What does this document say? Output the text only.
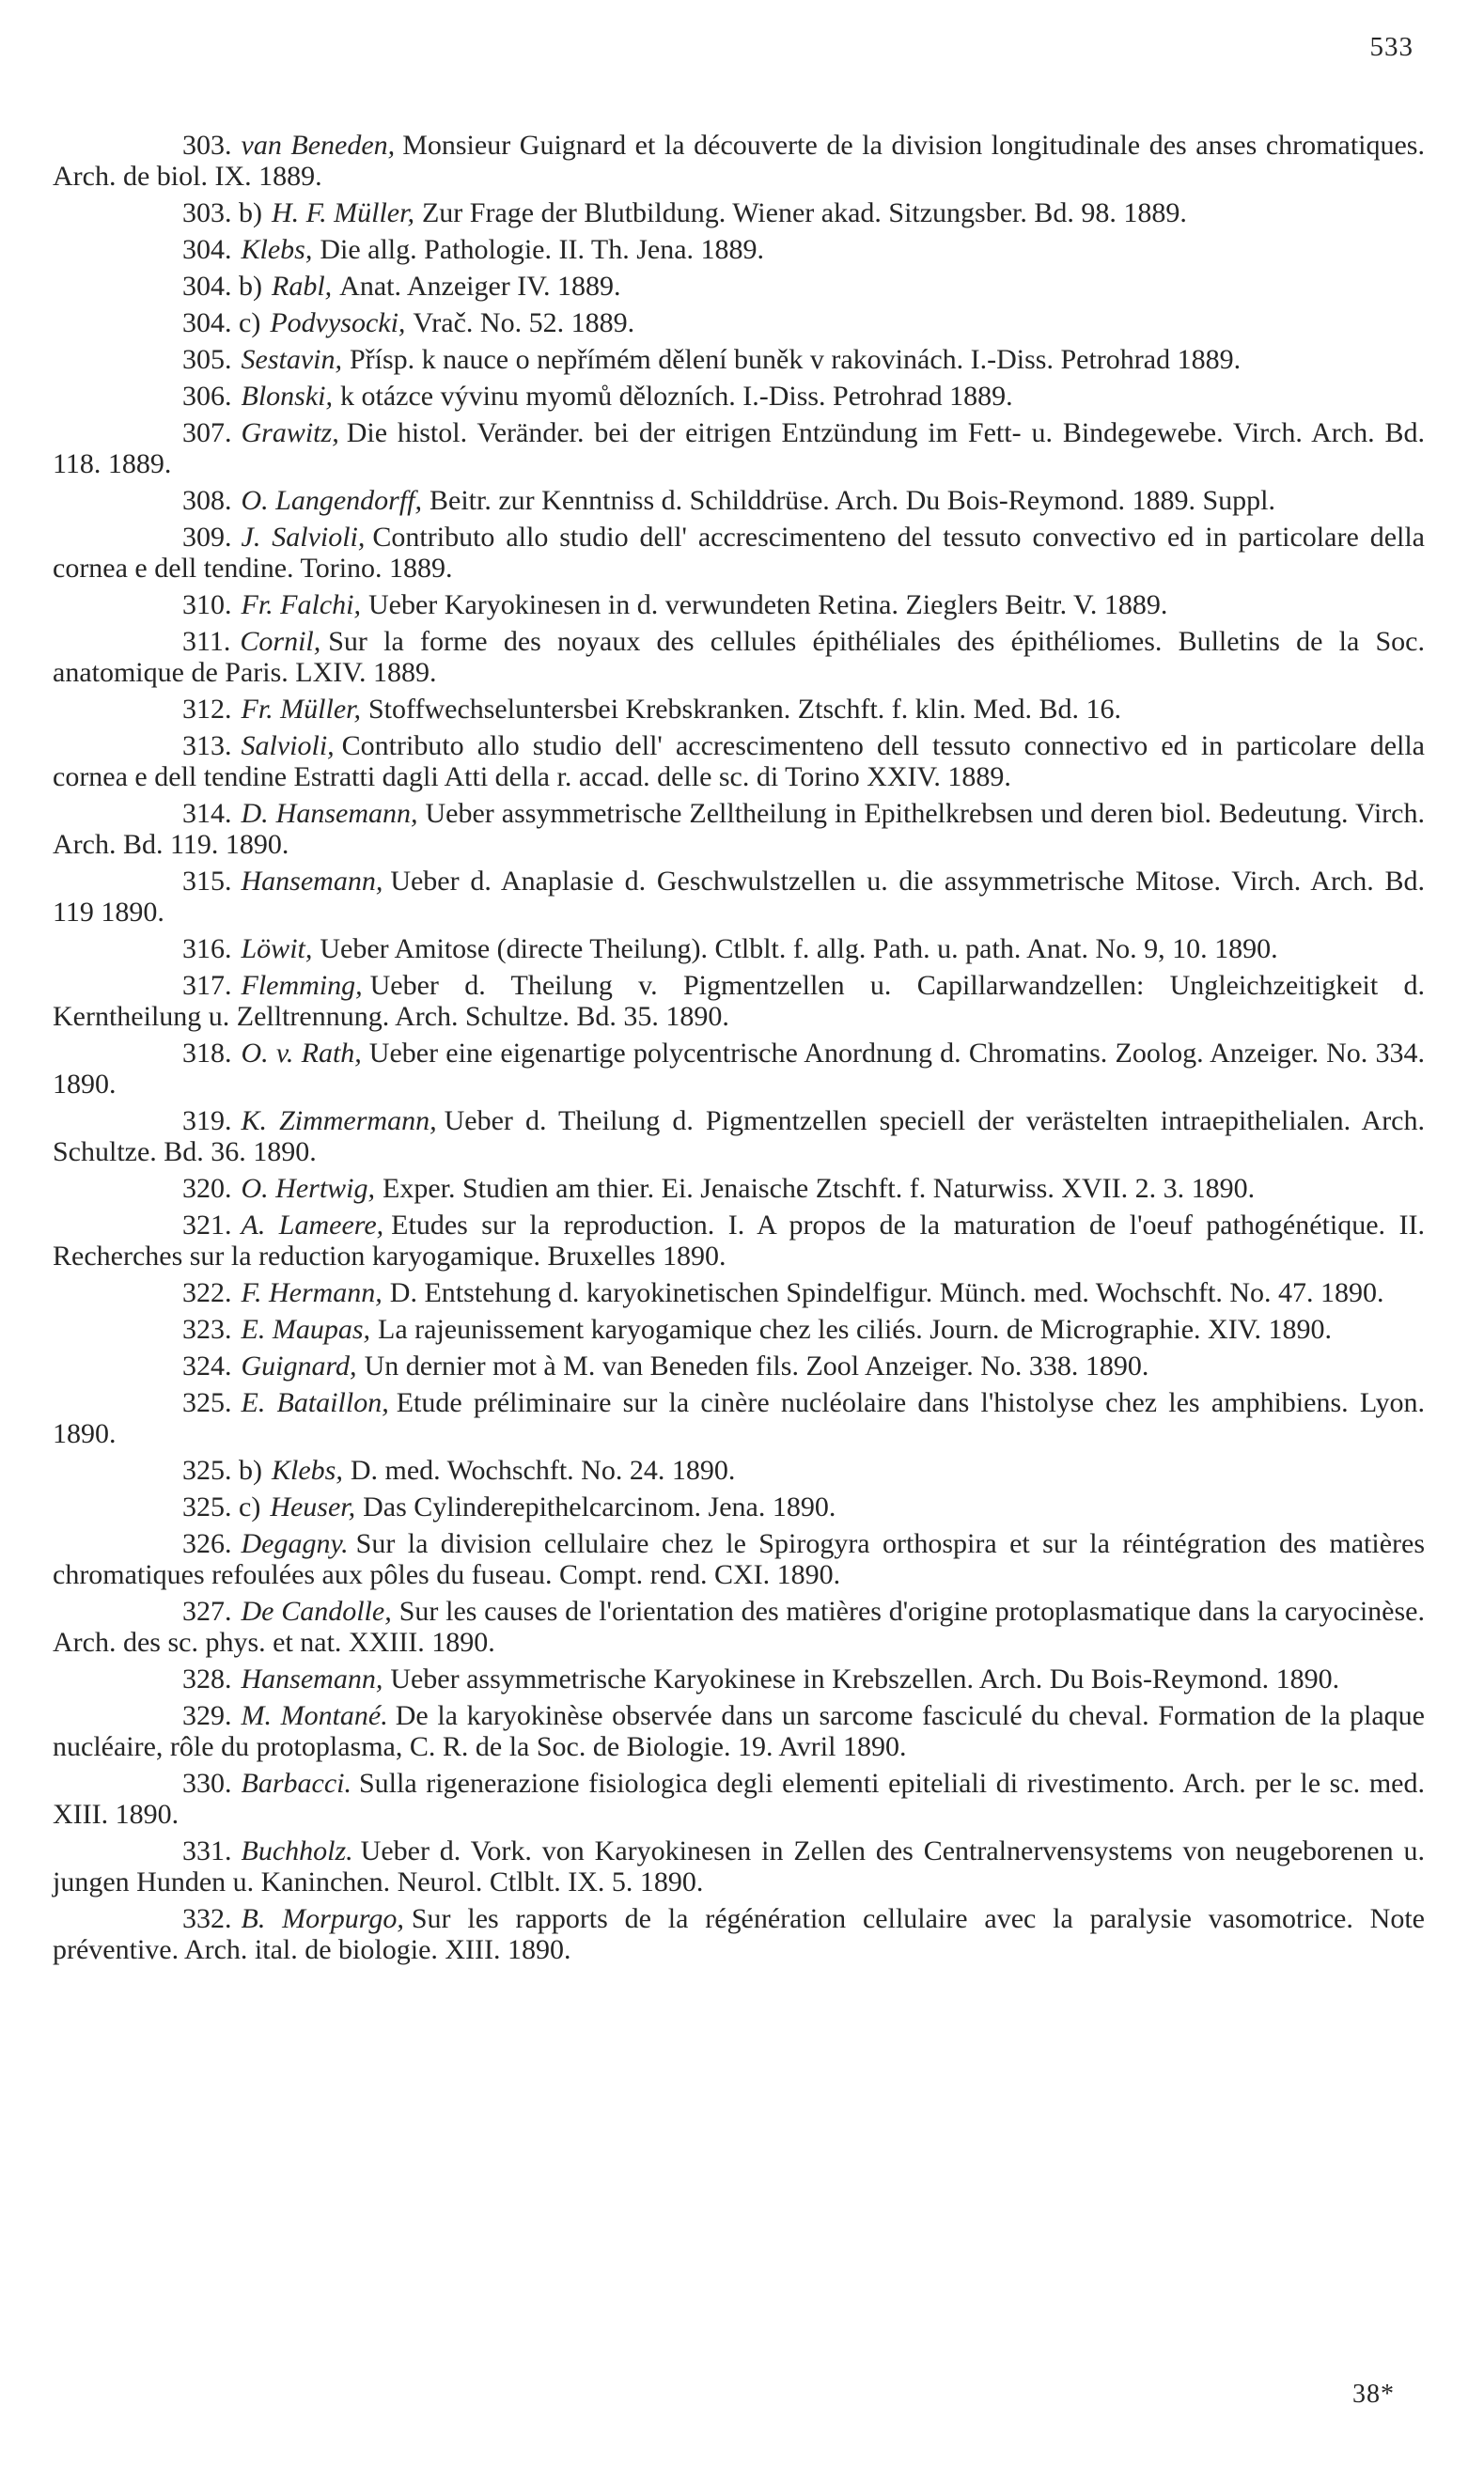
533

303. van Beneden, Monsieur Guignard et la découverte de la division longitudinale des anses chromatiques. Arch. de biol. IX. 1889.

303. b) H. F. Müller, Zur Frage der Blutbildung. Wiener akad. Sitzungsber. Bd. 98. 1889.

304. Klebs, Die allg. Pathologie. II. Th. Jena. 1889.

304. b) Rabl, Anat. Anzeiger IV. 1889.

304. c) Podvysocki, Vrač. No. 52. 1889.

305. Sestavin, Přísp. k nauce o nepřímém dělení buněk v rakovinách. I.-Diss. Petrohrad 1889.

306. Blonski, k otázce vývinu myomů dělozních. I.-Diss. Petrohrad 1889.

307. Grawitz, Die histol. Veränder. bei der eitrigen Entzündung im Fett- u. Bindegewebe. Virch. Arch. Bd. 118. 1889.

308. O. Langendorff, Beitr. zur Kenntniss d. Schilddrüse. Arch. Du Bois-Reymond. 1889. Suppl.

309. J. Salvioli, Contributo allo studio dell' accrescimenteno del tessuto convectivo ed in particolare della cornea e dell tendine. Torino. 1889.

310. Fr. Falchi, Ueber Karyokinesen in d. verwundeten Retina. Zieglers Beitr. V. 1889.

311. Cornil, Sur la forme des noyaux des cellules épithéliales des épithéliomes. Bulletins de la Soc. anatomique de Paris. LXIV. 1889.

312. Fr. Müller, Stoffwechseluntersbei Krebskranken. Ztschft. f. klin. Med. Bd. 16.

313. Salvioli, Contributo allo studio dell' accrescimenteno dell tessuto connectivo ed in particolare della cornea e dell tendine Estratti dagli Atti della r. accad. delle sc. di Torino XXIV. 1889.

314. D. Hansemann, Ueber assymmetrische Zelltheilung in Epithelkrebsen und deren biol. Bedeutung. Virch. Arch. Bd. 119. 1890.

315. Hansemann, Ueber d. Anaplasie d. Geschwulstzellen u. die assymmetrische Mitose. Virch. Arch. Bd. 119 1890.

316. Löwit, Ueber Amitose (directe Theilung). Ctlblt. f. allg. Path. u. path. Anat. No. 9, 10. 1890.

317. Flemming, Ueber d. Theilung v. Pigmentzellen u. Capillarwandzellen: Ungleichzeitigkeit d. Kerntheilung u. Zelltrennung. Arch. Schultze. Bd. 35. 1890.

318. O. v. Rath, Ueber eine eigenartige polycentrische Anordnung d. Chromatins. Zoolog. Anzeiger. No. 334. 1890.

319. K. Zimmermann, Ueber d. Theilung d. Pigmentzellen speciell der verästelten intraepithelialen. Arch. Schultze. Bd. 36. 1890.

320. O. Hertwig, Exper. Studien am thier. Ei. Jenaische Ztschft. f. Naturwiss. XVII. 2. 3. 1890.

321. A. Lameere, Etudes sur la reproduction. I. A propos de la maturation de l'oeuf pathogénétique. II. Recherches sur la reduction karyogamique. Bruxelles 1890.

322. F. Hermann, D. Entstehung d. karyokinetischen Spindelfigur. Münch. med. Wochschft. No. 47. 1890.

323. E. Maupas, La rajeunissement karyogamique chez les ciliés. Journ. de Micrographie. XIV. 1890.

324. Guignard, Un dernier mot à M. van Beneden fils. Zool Anzeiger. No. 338. 1890.

325. E. Bataillon, Etude préliminaire sur la cinère nucléolaire dans l'histolyse chez les amphibiens. Lyon. 1890.

325. b) Klebs, D. med. Wochschft. No. 24. 1890.

325. c) Heuser, Das Cylinderepithelcarcinom. Jena. 1890.

326. Degagny. Sur la division cellulaire chez le Spirogyra orthospira et sur la réintégration des matières chromatiques refoulées aux pôles du fuseau. Compt. rend. CXI. 1890.

327. De Candolle, Sur les causes de l'orientation des matières d'origine protoplasmatique dans la caryocinèse. Arch. des sc. phys. et nat. XXIII. 1890.

328. Hansemann, Ueber assymmetrische Karyokinese in Krebszellen. Arch. Du Bois-Reymond. 1890.

329. M. Montané. De la karyokinèse observée dans un sarcome fasciculé du cheval. Formation de la plaque nucléaire, rôle du protoplasma, C. R. de la Soc. de Biologie. 19. Avril 1890.

330. Barbacci. Sulla rigenerazione fisiologica degli elementi epiteliali di rivestimento. Arch. per le sc. med. XIII. 1890.

331. Buchholz. Ueber d. Vork. von Karyokinesen in Zellen des Centralnervensystems von neugeborenen u. jungen Hunden u. Kaninchen. Neurol. Ctlblt. IX. 5. 1890.

332. B. Morpurgo, Sur les rapports de la régénération cellulaire avec la paralysie vasomotrice. Note préventive. Arch. ital. de biologie. XIII. 1890.

38*
